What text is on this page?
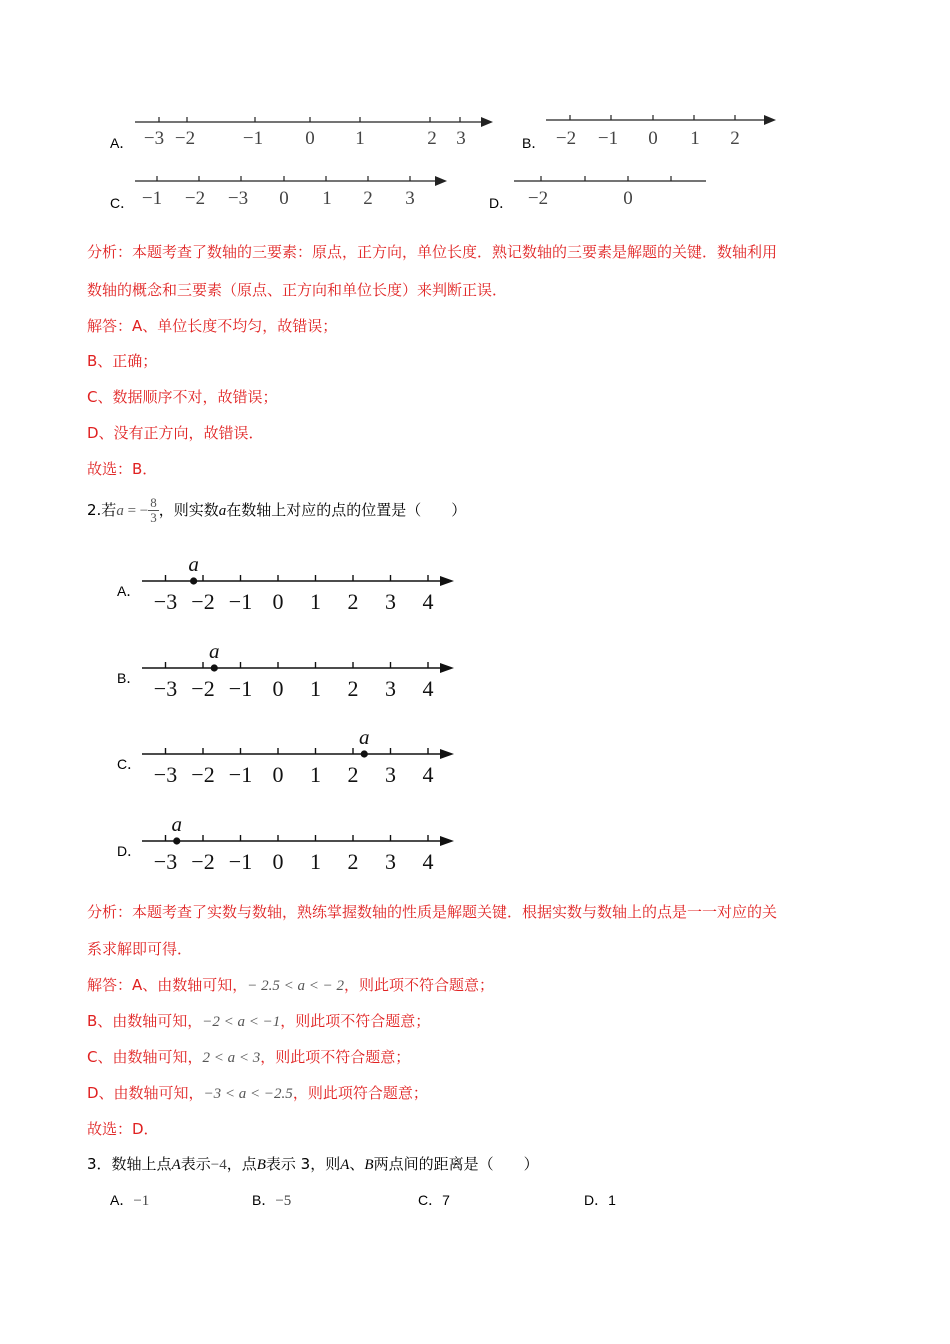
A． −3 −2	−1 0 1	2 3	B． −2 −1 0 1 2
C． −1 −2 −3 0 1 2 3	D． −2	0
分析：本题考查了数轴的三要素：原点，正方向，单位长度．熟记数轴的三要素是解题的关键．数轴利用
数轴的概念和三要素（原点、正方向和单位长度）来判断正误．
解答：A、单位长度不均匀，故错误；
B、正确；
C、数据顺序不对，故错误；
D、没有正方向，故错误．
故选：B．
2.若a = − $\frac{8}{3}$ ，则实数a在数轴上对应的点的位置是（　　）
A． −3 −2 −1 0 1 2 3 4
a
B． −3 −2 −1 0 1 2 3 4
a
C． −3 −2 −1 0 1 2 3 4
a
D． −3 −2 −1 0 1 2 3 4
a
分析：本题考查了实数与数轴，熟练掌握数轴的性质是解题关键．根据实数与数轴上的点是一一对应的关
系求解即可得．
解答：A、由数轴可知，− 2.5 < a < − 2，则此项不符合题意；
B、由数轴可知，−2 < a < −1，则此项不符合题意；
C、由数轴可知，2 < a < 3，则此项不符合题意；
D、由数轴可知，−3 < a < −2.5，则此项符合题意；
故选：D．
3．数轴上点A表示−4，点B表示 3，则A、B两点间的距离是（　　）
A．−1	B．−5	C．7	D．1
